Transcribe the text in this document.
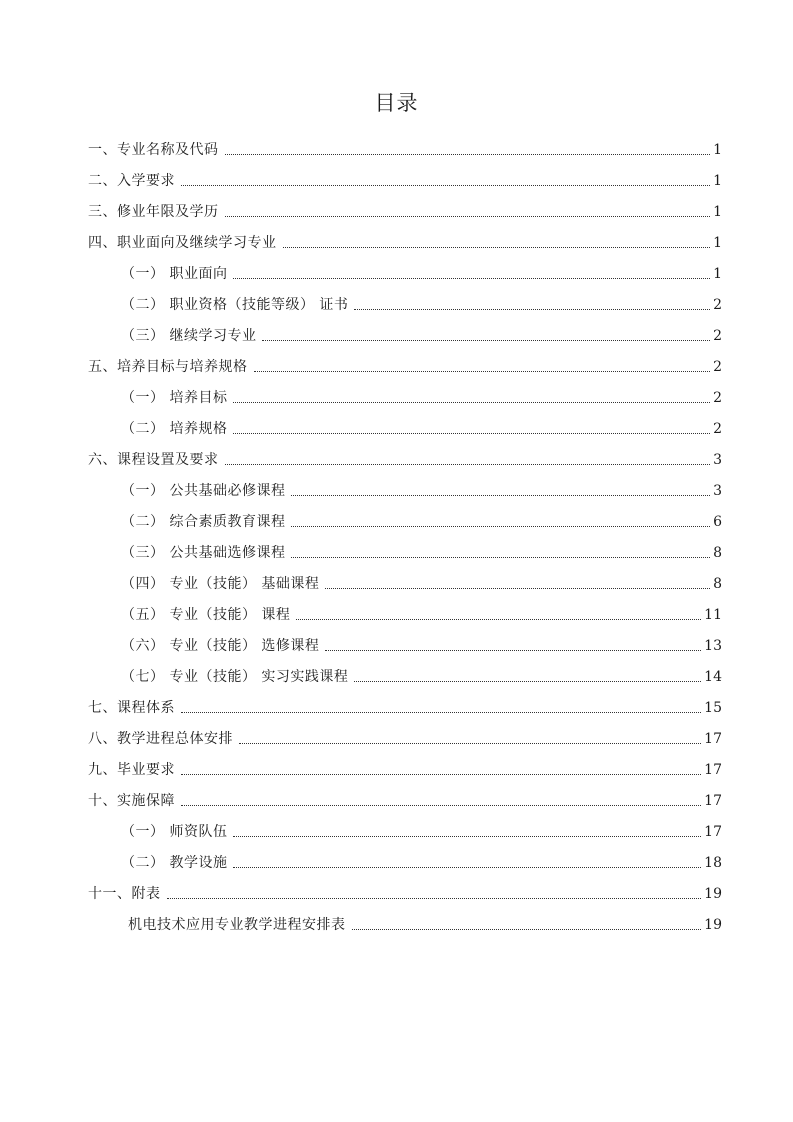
目录
一、专业名称及代码	1
二、入学要求	1
三、修业年限及学历	1
四、职业面向及继续学习专业	1
（一） 职业面向	1
（二） 职业资格（技能等级） 证书	2
（三） 继续学习专业	2
五、培养目标与培养规格	2
（一） 培养目标	2
（二） 培养规格	2
六、课程设置及要求	3
（一） 公共基础必修课程	3
（二） 综合素质教育课程	6
（三） 公共基础选修课程	8
（四） 专业（技能） 基础课程	8
（五） 专业（技能） 课程	11
（六） 专业（技能） 选修课程	13
（七） 专业（技能） 实习实践课程	14
七、课程体系	15
八、教学进程总体安排	17
九、毕业要求	17
十、实施保障	17
（一） 师资队伍	17
（二） 教学设施	18
十一、附表	19
机电技术应用专业教学进程安排表	19
